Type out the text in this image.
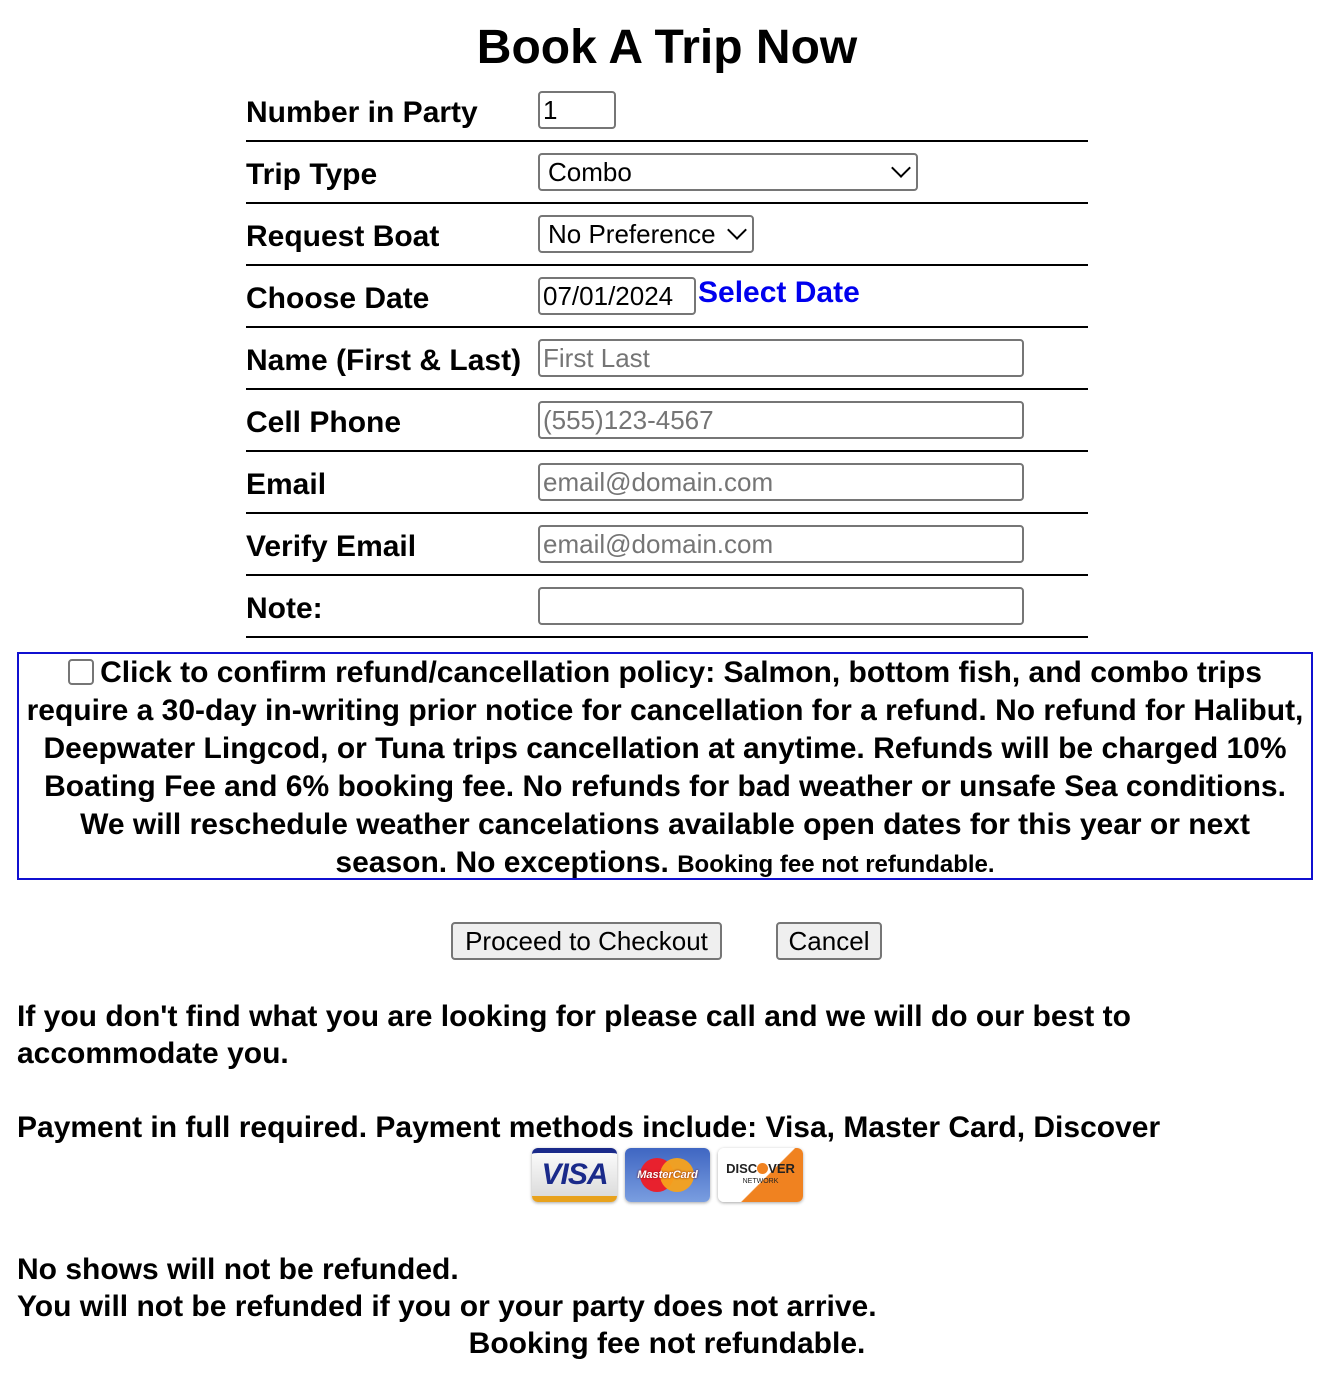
Book A Trip Now
Number in Party	1
Trip Type	Combo

Request Boat	No Preference

Choose Date	07/01/2024Select Date
Name (First & Last)	First Last
Cell Phone	(555)123-4567
Email	email@domain.com
Verify Email	email@domain.com
Note:	
Click to confirm refund/cancellation policy: Salmon, bottom fish, and combo trips require a 30-day in-writing prior notice for cancellation for a refund. No refund for Halibut, Deepwater Lingcod, or Tuna trips cancellation at anytime. Refunds will be charged 10% Boating Fee and 6% booking fee. No refunds for bad weather or unsafe Sea conditions. We will reschedule weather cancelations available open dates for this year or next season. No exceptions. Booking fee not refundable.
Proceed to Checkout	Cancel
If you don't find what you are looking for please call and we will do our best to accommodate you.
Payment in full required. Payment methods include: Visa, Master Card, Discover
VISA	MasterCard DISC VER
NETWORK
No shows will not be refunded.
You will not be refunded if you or your party does not arrive.
Booking fee not refundable.
